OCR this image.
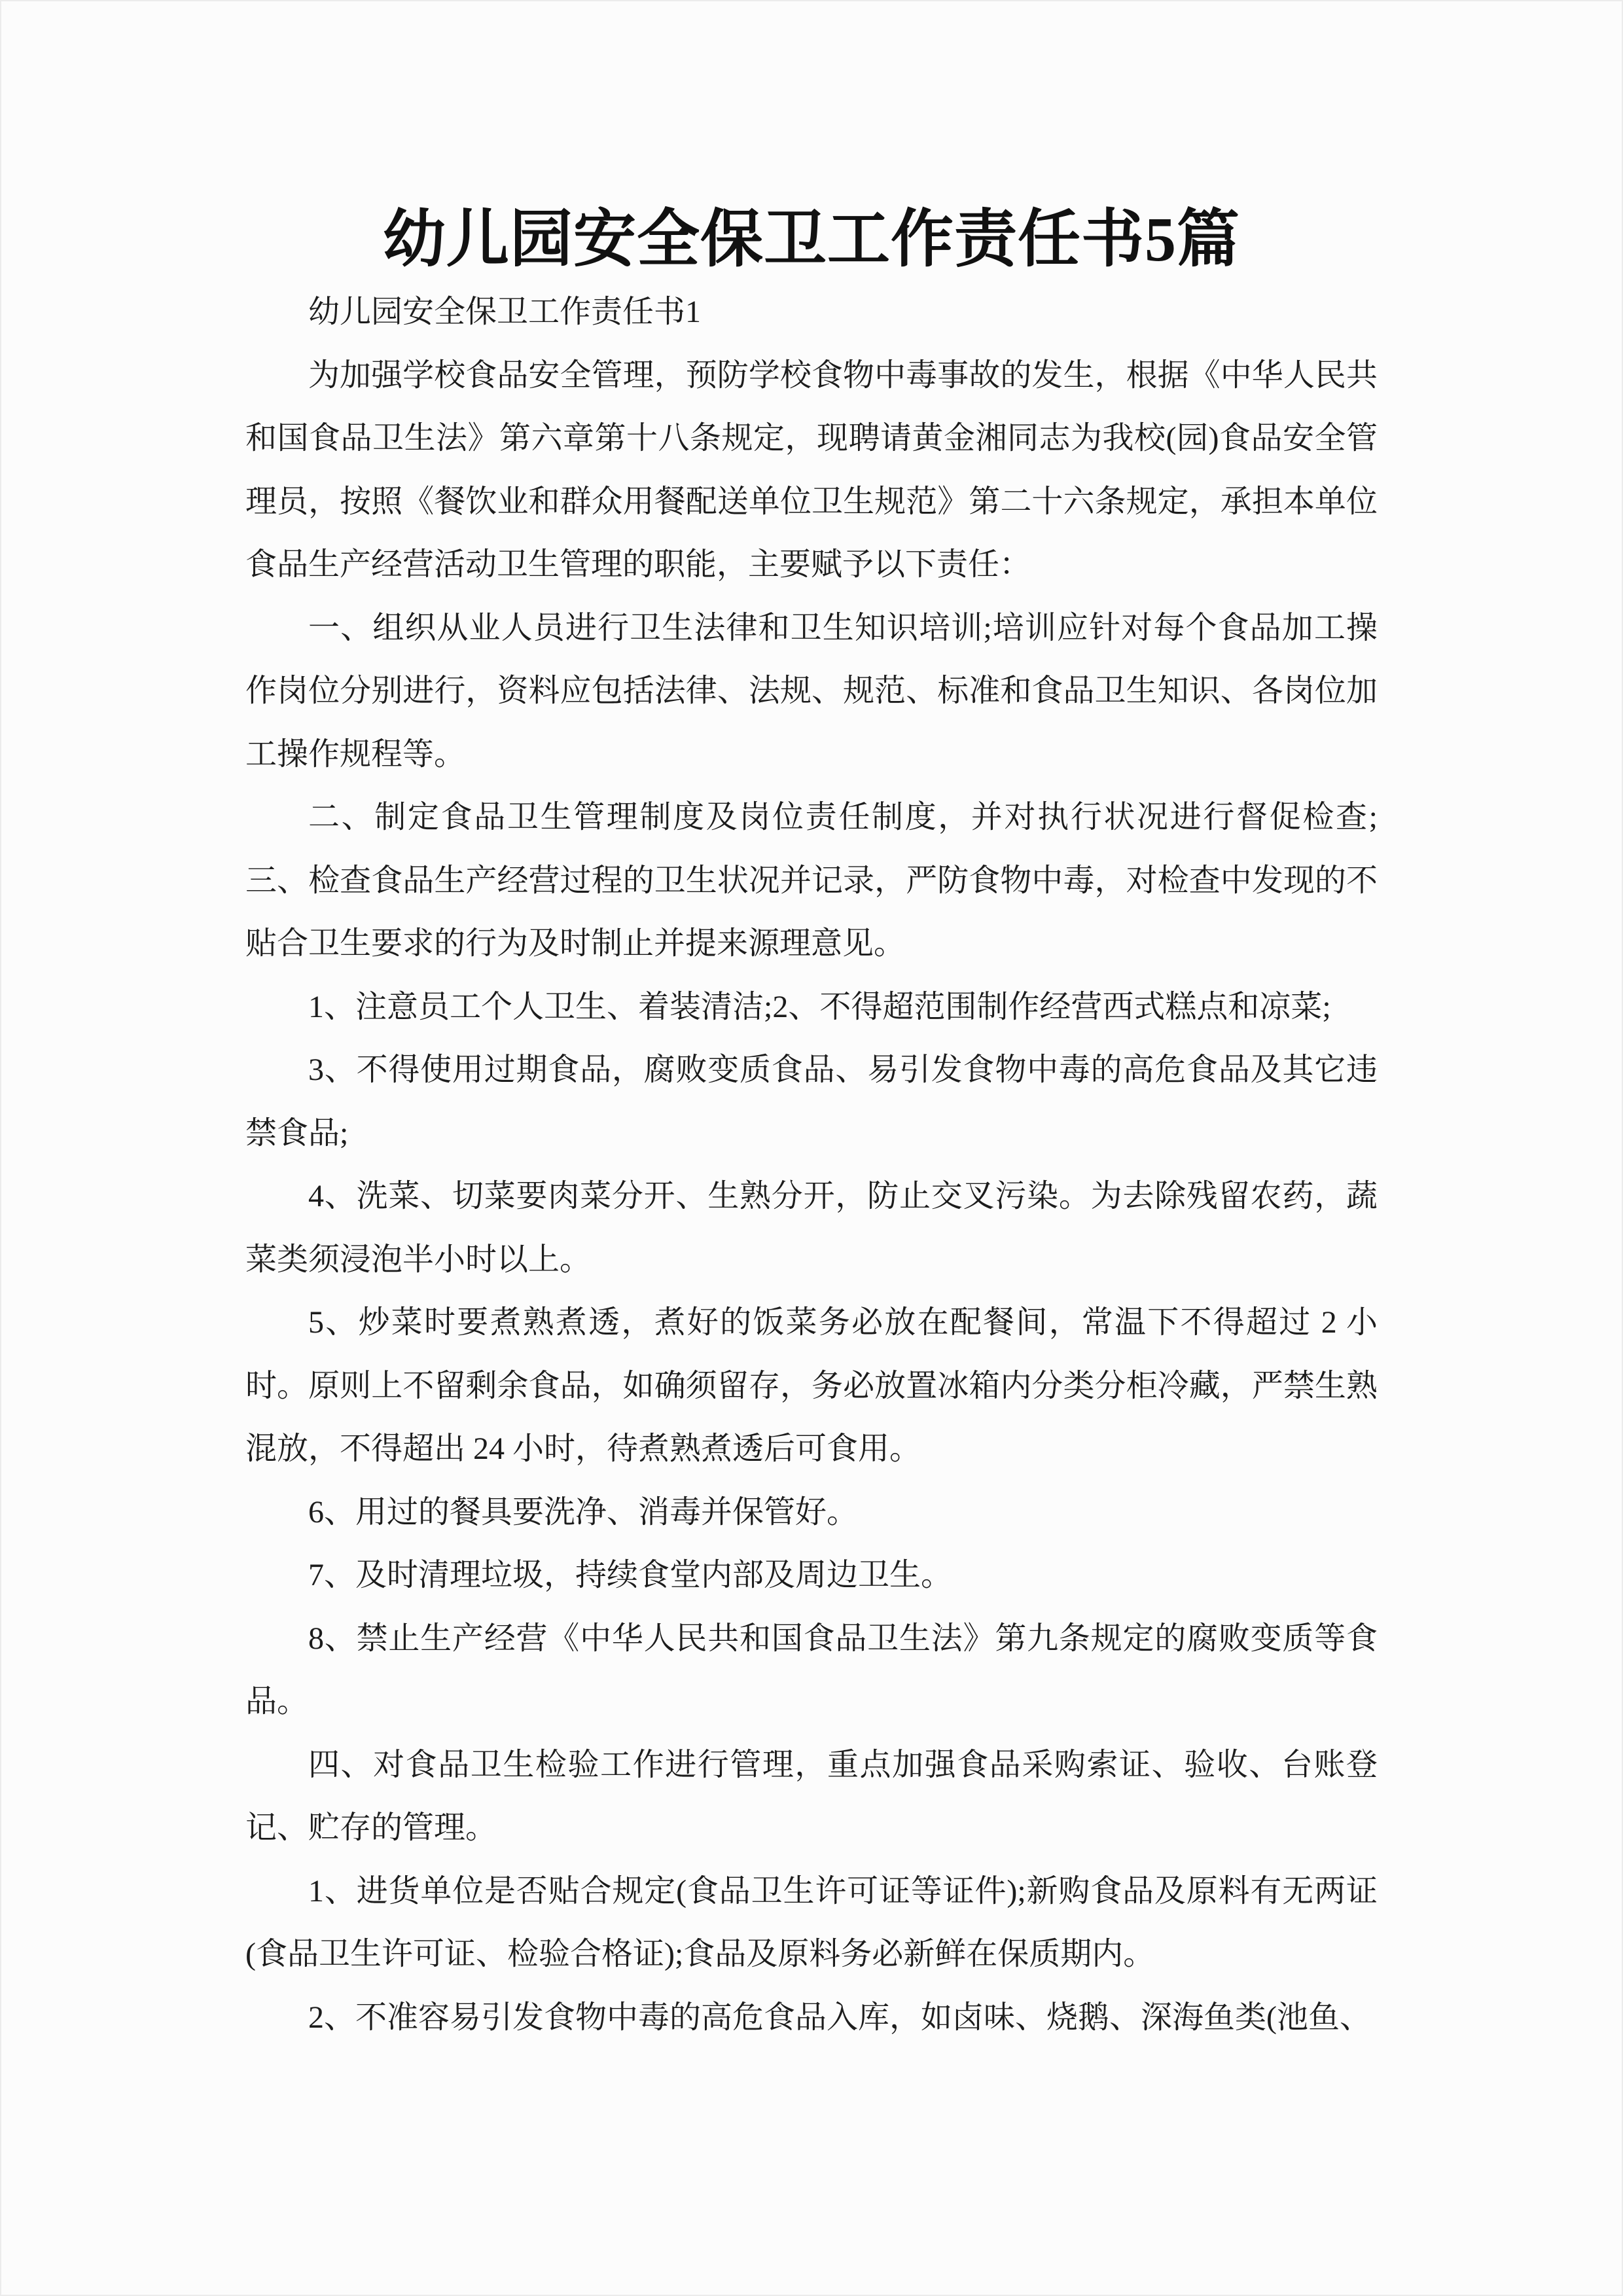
幼儿园安全保卫工作责任书5篇

幼儿园安全保卫工作责任书1

为加强学校食品安全管理，预防学校食物中毒事故的发生，根据《中华人民共和国食品卫生法》第六章第十八条规定，现聘请黄金湘同志为我校(园)食品安全管理员，按照《餐饮业和群众用餐配送单位卫生规范》第二十六条规定，承担本单位食品生产经营活动卫生管理的职能，主要赋予以下责任：

一、组织从业人员进行卫生法律和卫生知识培训;培训应针对每个食品加工操作岗位分别进行，资料应包括法律、法规、规范、标准和食品卫生知识、各岗位加工操作规程等。

二、制定食品卫生管理制度及岗位责任制度，并对执行状况进行督促检查;三、检查食品生产经营过程的卫生状况并记录，严防食物中毒，对检查中发现的不贴合卫生要求的行为及时制止并提来源理意见。

1、注意员工个人卫生、着装清洁;2、不得超范围制作经营西式糕点和凉菜;

3、不得使用过期食品，腐败变质食品、易引发食物中毒的高危食品及其它违禁食品;

4、洗菜、切菜要肉菜分开、生熟分开，防止交叉污染。为去除残留农药，蔬菜类须浸泡半小时以上。

5、炒菜时要煮熟煮透，煮好的饭菜务必放在配餐间，常温下不得超过 2 小时。原则上不留剩余食品，如确须留存，务必放置冰箱内分类分柜冷藏，严禁生熟混放，不得超出 24 小时，待煮熟煮透后可食用。

6、用过的餐具要洗净、消毒并保管好。

7、及时清理垃圾，持续食堂内部及周边卫生。

8、禁止生产经营《中华人民共和国食品卫生法》第九条规定的腐败变质等食品。

四、对食品卫生检验工作进行管理，重点加强食品采购索证、验收、台账登记、贮存的管理。

1、进货单位是否贴合规定(食品卫生许可证等证件);新购食品及原料有无两证(食品卫生许可证、检验合格证);食品及原料务必新鲜在保质期内。

2、不准容易引发食物中毒的高危食品入库，如卤味、烧鹅、深海鱼类(池鱼、
